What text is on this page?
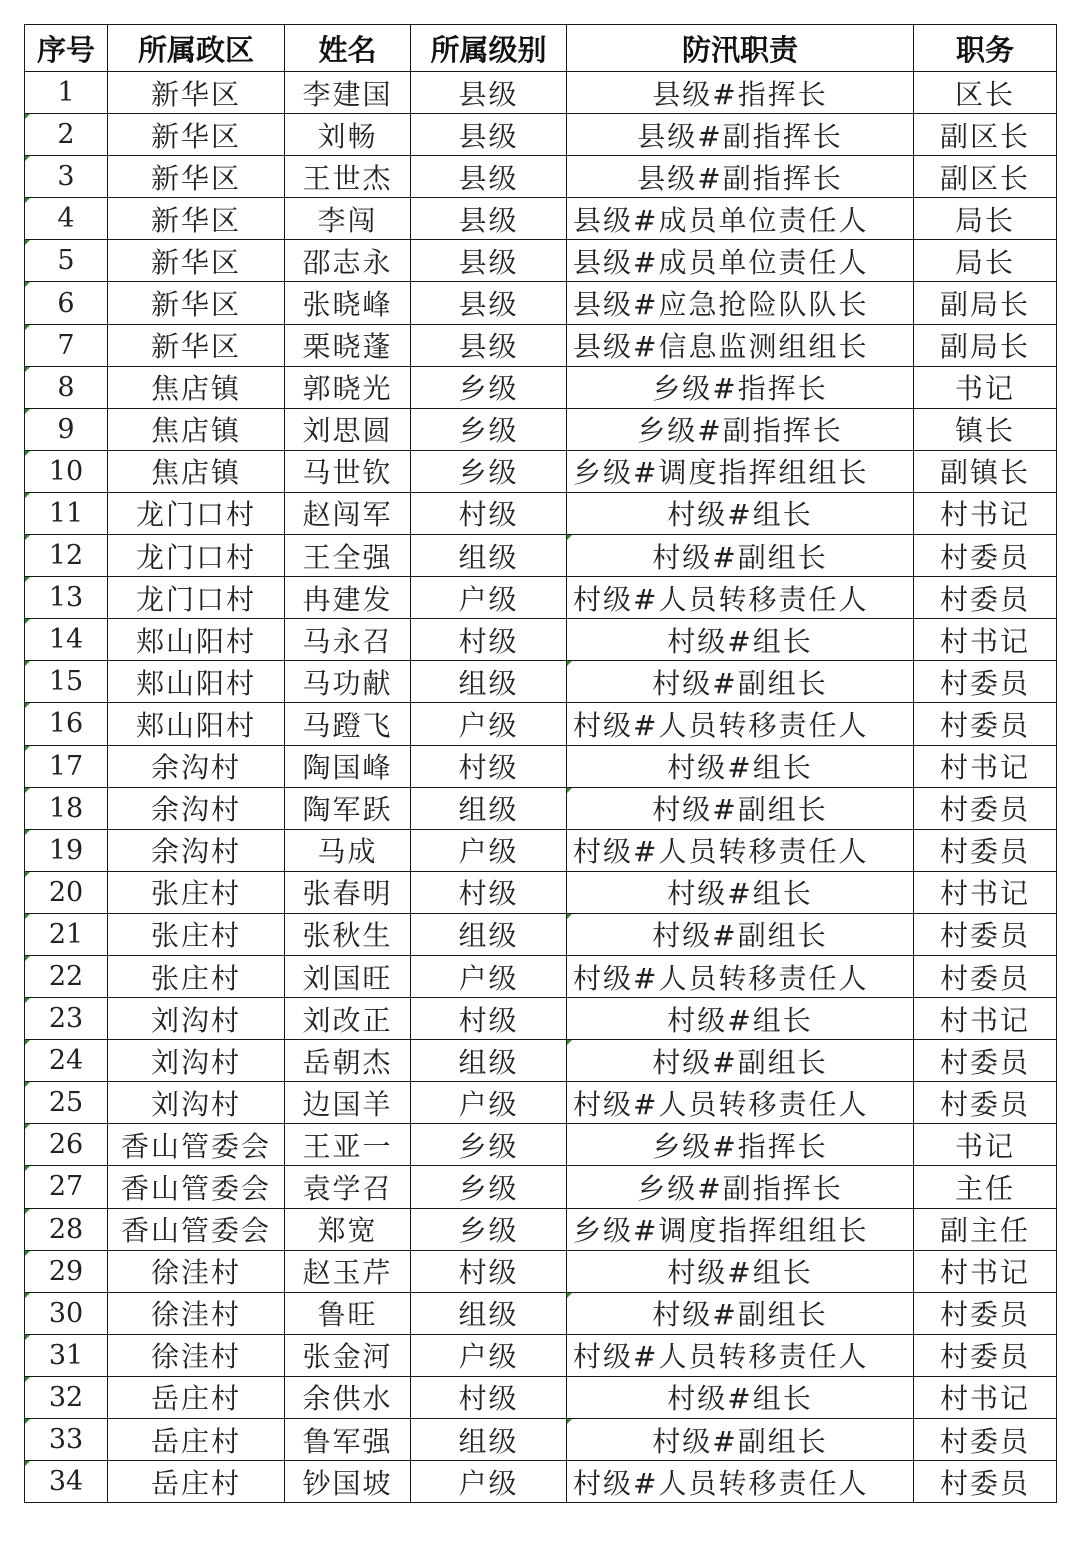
序号	所属政区	姓名	所属级别	防汛职责	职务
1	新华区	李建国	县级	县级#指挥长	区长
2	新华区	刘畅	县级	县级#副指挥长	副区长
3	新华区	王世杰	县级	县级#副指挥长	副区长
4	新华区	李闯	县级	县级#成员单位责任人	局长
5	新华区	邵志永	县级	县级#成员单位责任人	局长
6	新华区	张晓峰	县级	县级#应急抢险队队长	副局长
7	新华区	栗晓蓬	县级	县级#信息监测组组长	副局长
8	焦店镇	郭晓光	乡级	乡级#指挥长	书记
9	焦店镇	刘思圆	乡级	乡级#副指挥长	镇长
10	焦店镇	马世钦	乡级	乡级#调度指挥组组长	副镇长
11	龙门口村	赵闯军	村级	村级#组长	村书记
12	龙门口村	王全强	组级	村级#副组长	村委员
13	龙门口村	冉建发	户级	村级#人员转移责任人	村委员
14	郏山阳村	马永召	村级	村级#组长	村书记
15	郏山阳村	马功献	组级	村级#副组长	村委员
16	郏山阳村	马蹬飞	户级	村级#人员转移责任人	村委员
17	余沟村	陶国峰	村级	村级#组长	村书记
18	余沟村	陶军跃	组级	村级#副组长	村委员
19	余沟村	马成	户级	村级#人员转移责任人	村委员
20	张庄村	张春明	村级	村级#组长	村书记
21	张庄村	张秋生	组级	村级#副组长	村委员
22	张庄村	刘国旺	户级	村级#人员转移责任人	村委员
23	刘沟村	刘改正	村级	村级#组长	村书记
24	刘沟村	岳朝杰	组级	村级#副组长	村委员
25	刘沟村	边国羊	户级	村级#人员转移责任人	村委员
26	香山管委会	王亚一	乡级	乡级#指挥长	书记
27	香山管委会	袁学召	乡级	乡级#副指挥长	主任
28	香山管委会	郑宽	乡级	乡级#调度指挥组组长	副主任
29	徐洼村	赵玉芹	村级	村级#组长	村书记
30	徐洼村	鲁旺	组级	村级#副组长	村委员
31	徐洼村	张金河	户级	村级#人员转移责任人	村委员
32	岳庄村	余供水	村级	村级#组长	村书记
33	岳庄村	鲁军强	组级	村级#副组长	村委员
34	岳庄村	钞国坡	户级	村级#人员转移责任人	村委员
